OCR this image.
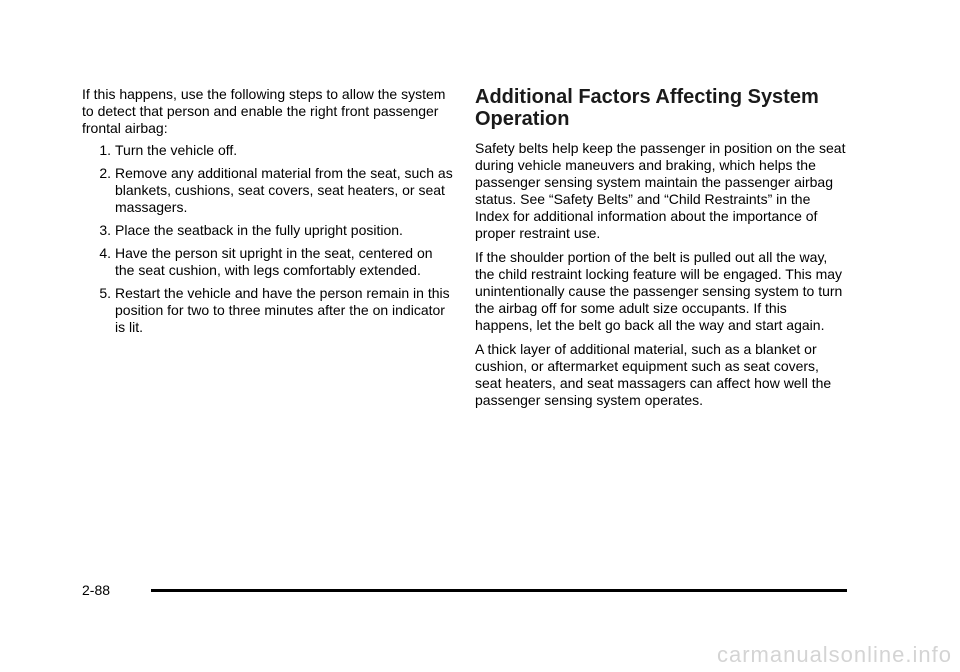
If this happens, use the following steps to allow the system to detect that person and enable the right front passenger frontal airbag:

1. Turn the vehicle off.
2. Remove any additional material from the seat, such as blankets, cushions, seat covers, seat heaters, or seat massagers.
3. Place the seatback in the fully upright position.
4. Have the person sit upright in the seat, centered on the seat cushion, with legs comfortably extended.
5. Restart the vehicle and have the person remain in this position for two to three minutes after the on indicator is lit.
Additional Factors Affecting System Operation

Safety belts help keep the passenger in position on the seat during vehicle maneuvers and braking, which helps the passenger sensing system maintain the passenger airbag status. See “Safety Belts” and “Child Restraints” in the Index for additional information about the importance of proper restraint use.

If the shoulder portion of the belt is pulled out all the way, the child restraint locking feature will be engaged. This may unintentionally cause the passenger sensing system to turn the airbag off for some adult size occupants. If this happens, let the belt go back all the way and start again.

A thick layer of additional material, such as a blanket or cushion, or aftermarket equipment such as seat covers, seat heaters, and seat massagers can affect how well the passenger sensing system operates.

2-88
carmanualsonline.info
